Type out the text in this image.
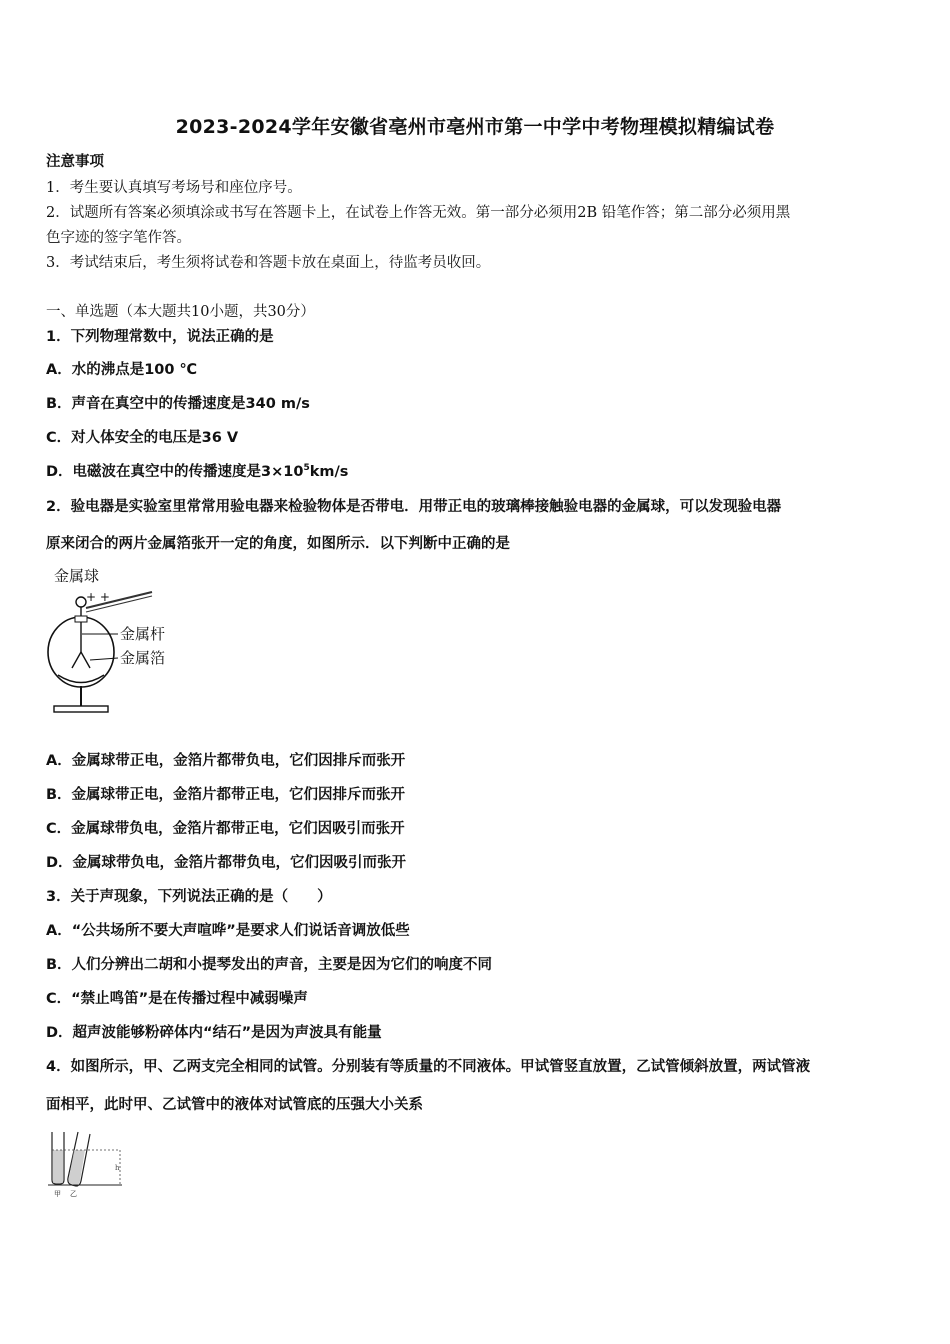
2023-2024学年安徽省亳州市亳州市第一中学中考物理模拟精编试卷
注意事项
1．考生要认真填写考场号和座位序号。
2．试题所有答案必须填涂或书写在答题卡上，在试卷上作答无效。第一部分必须用2B 铅笔作答；第二部分必须用黑
色字迹的签字笔作答。
3．考试结束后，考生须将试卷和答题卡放在桌面上，待监考员收回。
一、单选题（本大题共10小题，共30分）
1．下列物理常数中，说法正确的是
A．水的沸点是100 ℃
B．声音在真空中的传播速度是340 m/s
C．对人体安全的电压是36 V
D．电磁波在真空中的传播速度是$3\times 10^5km/s$
2．验电器是实验室里常常用验电器来检验物体是否带电．用带正电的玻璃棒接触验电器的金属球，可以发现验电器
原来闭合的两片金属箔张开一定的角度，如图所示．以下判断中正确的是
金属球
+ +
金属杆
金属箔
A．金属球带正电，金箔片都带负电，它们因排斥而张开
B．金属球带正电，金箔片都带正电，它们因排斥而张开
C．金属球带负电，金箔片都带正电，它们因吸引而张开
D．金属球带负电，金箔片都带负电，它们因吸引而张开
3．关于声现象，下列说法正确的是（　　）
A．“公共场所不要大声喧哗”是要求人们说话音调放低些
B．人们分辨出二胡和小提琴发出的声音，主要是因为它们的响度不同
C．“禁止鸣笛”是在传播过程中减弱噪声
D．超声波能够粉碎体内“结石”是因为声波具有能量
4．如图所示，甲、乙两支完全相同的试管。分别装有等质量的不同液体。甲试管竖直放置，乙试管倾斜放置，两试管液
面相平，此时甲、乙试管中的液体对试管底的压强大小关系
h
甲 乙
